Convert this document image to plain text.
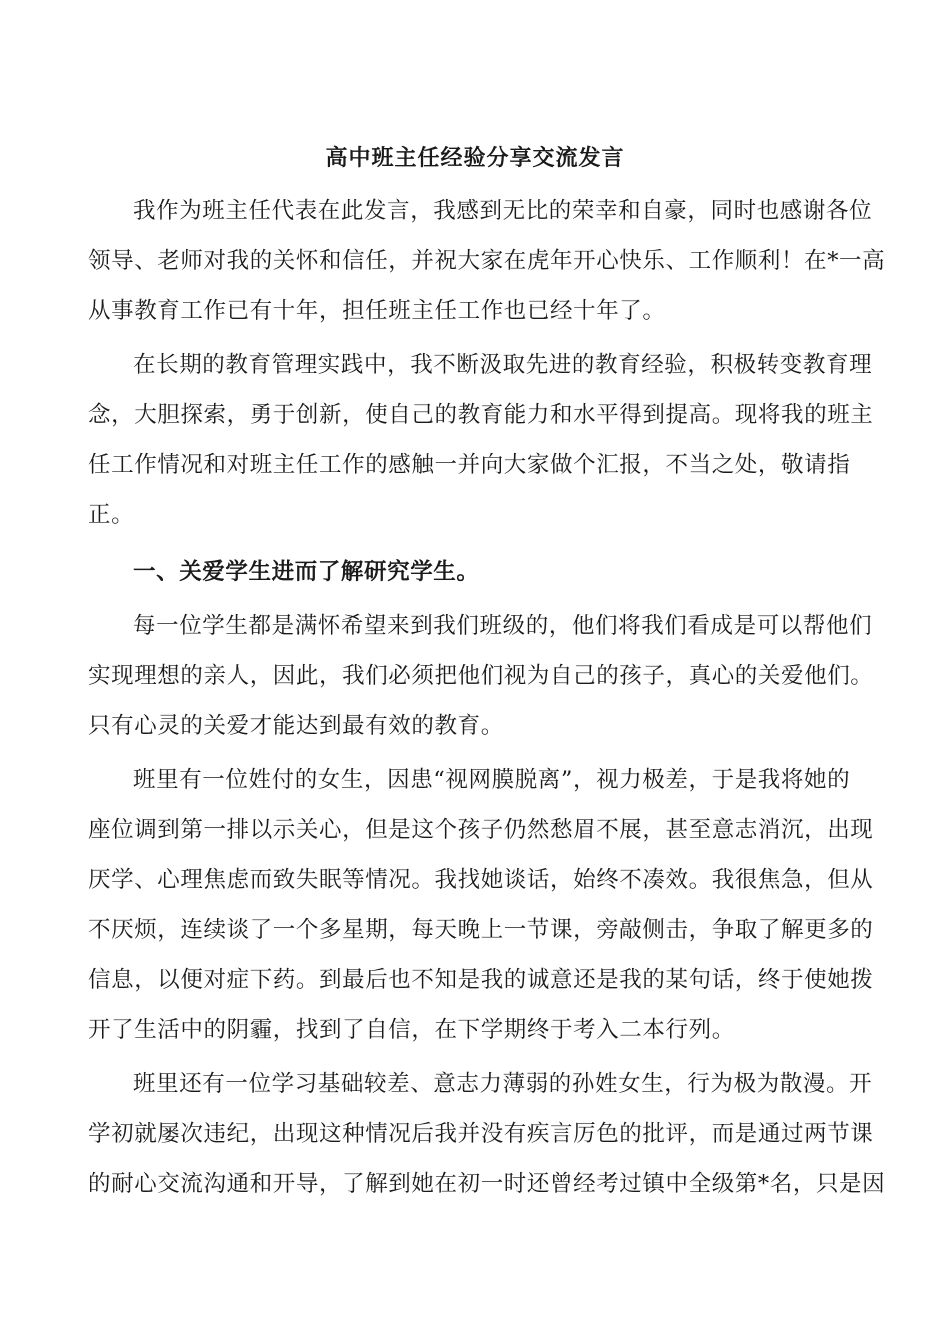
高中班主任经验分享交流发言
我作为班主任代表在此发言，我感到无比的荣幸和自豪，同时也感谢各位
领导、老师对我的关怀和信任，并祝大家在虎年开心快乐、工作顺利！在*一高
从事教育工作已有十年，担任班主任工作也已经十年了。
在长期的教育管理实践中，我不断汲取先进的教育经验，积极转变教育理
念，大胆探索，勇于创新，使自己的教育能力和水平得到提高。现将我的班主
任工作情况和对班主任工作的感触一并向大家做个汇报，不当之处，敬请指
正。
一、关爱学生进而了解研究学生。
每一位学生都是满怀希望来到我们班级的，他们将我们看成是可以帮他们
实现理想的亲人，因此，我们必须把他们视为自己的孩子，真心的关爱他们。
只有心灵的关爱才能达到最有效的教育。
班里有一位姓付的女生，因患“视网膜脱离”，视力极差，于是我将她的
座位调到第一排以示关心，但是这个孩子仍然愁眉不展，甚至意志消沉，出现
厌学、心理焦虑而致失眠等情况。我找她谈话，始终不凑效。我很焦急，但从
不厌烦，连续谈了一个多星期，每天晚上一节课，旁敲侧击，争取了解更多的
信息，以便对症下药。到最后也不知是我的诚意还是我的某句话，终于使她拨
开了生活中的阴霾，找到了自信，在下学期终于考入二本行列。
班里还有一位学习基础较差、意志力薄弱的孙姓女生，行为极为散漫。开
学初就屡次违纪，出现这种情况后我并没有疾言厉色的批评，而是通过两节课
的耐心交流沟通和开导，了解到她在初一时还曾经考过镇中全级第*名，只是因
